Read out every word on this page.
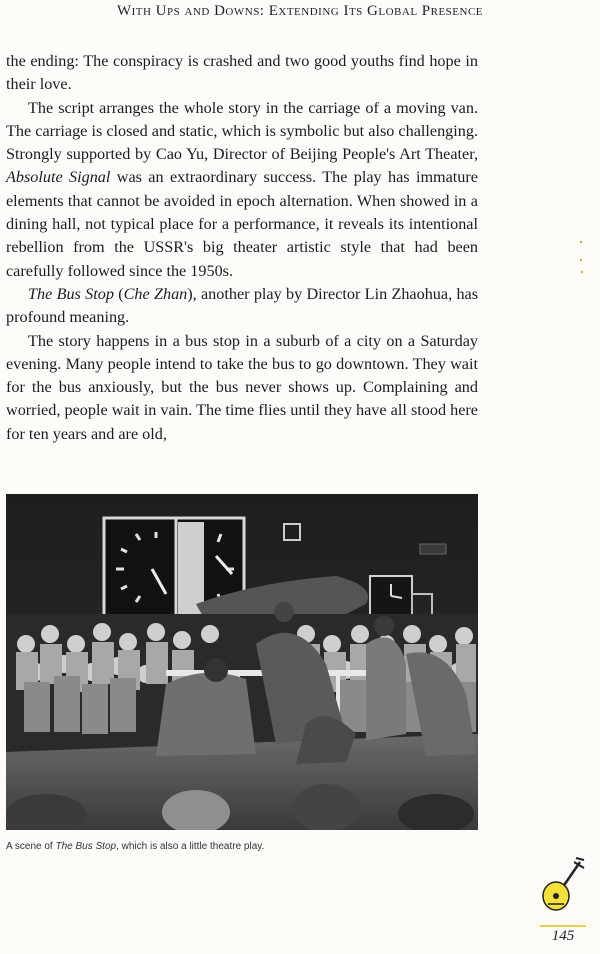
With Ups and Downs: Extending Its Global Presence

the ending: The conspiracy is crashed and two good youths find hope in their love.

The script arranges the whole story in the carriage of a moving van. The carriage is closed and static, which is symbolic but also challenging. Strongly supported by Cao Yu, Director of Beijing People's Art Theater, Absolute Signal was an extraordinary success. The play has immature elements that cannot be avoided in epoch alternation. When showed in a dining hall, not typical place for a performance, it reveals its intentional rebellion from the USSR's big theater artistic style that had been carefully followed since the 1950s.

The Bus Stop (Che Zhan), another play by Director Lin Zhaohua, has profound meaning.

The story happens in a bus stop in a suburb of a city on a Saturday evening. Many people intend to take the bus to go downtown. They wait for the bus anxiously, but the bus never shows up. Complaining and worried, people wait in vain. The time flies until they have all stood here for ten years and are old,

A scene of The Bus Stop, which is also a little theatre play.
145
